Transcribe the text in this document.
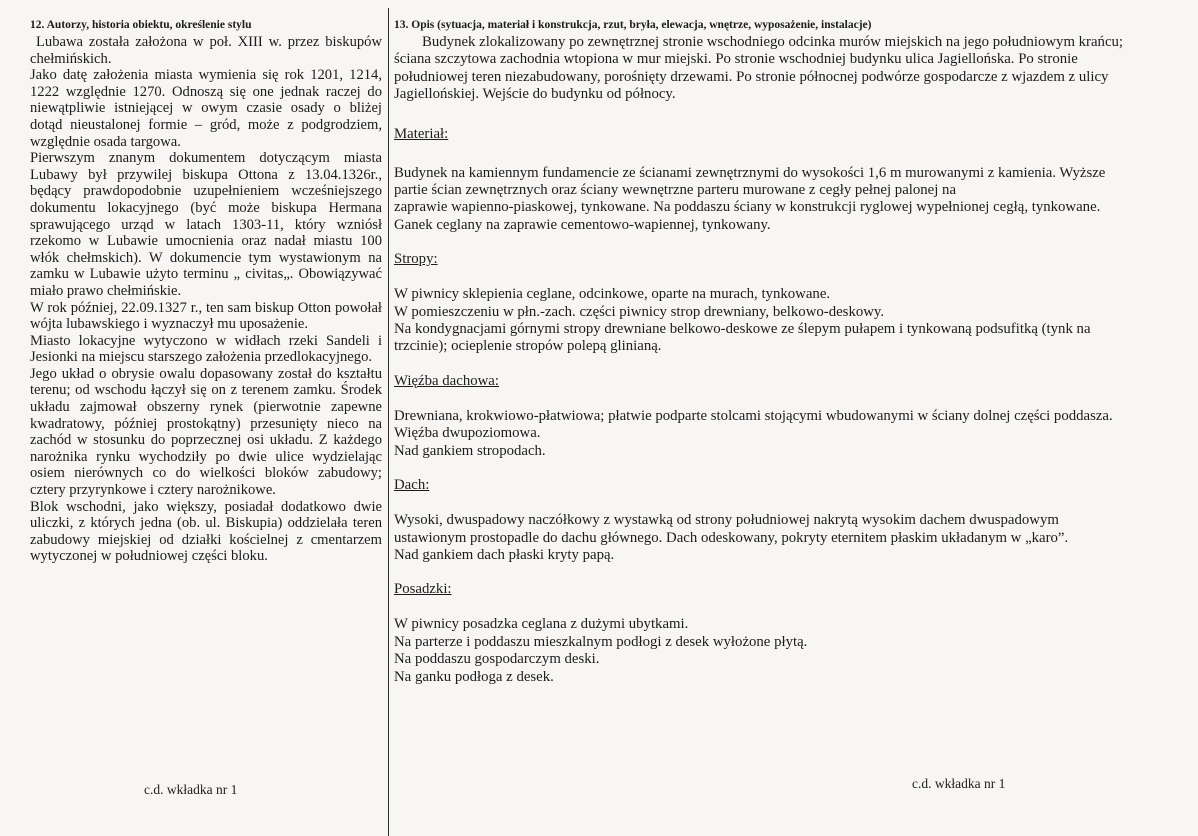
12. Autorzy, historia obiektu, określenie stylu

Lubawa została założona w poł. XIII w. przez biskupów chełmińskich.

Jako datę założenia miasta wymienia się rok 1201, 1214, 1222 względnie 1270. Odnoszą się one jednak raczej do niewątpliwie istniejącej w owym czasie osady o bliżej dotąd nieustalonej formie – gród, może z podgrodziem, względnie osada targowa.

Pierwszym znanym dokumentem dotyczącym miasta Lubawy był przywilej biskupa Ottona z 13.04.1326r., będący prawdopodobnie uzupełnieniem wcześniejszego dokumentu lokacyjnego (być może biskupa Hermana sprawującego urząd w latach 1303-11, który wzniósł rzekomo w Lubawie umocnienia oraz nadał miastu 100 włók chełmskich). W dokumencie tym wystawionym na zamku w Lubawie użyto terminu „ civitas„. Obowiązywać miało prawo chełmińskie.

W rok później, 22.09.1327 r., ten sam biskup Otton powołał wójta lubawskiego i wyznaczył mu uposażenie.

Miasto lokacyjne wytyczono w widłach rzeki Sandeli i Jesionki na miejscu starszego założenia przedlokacyjnego.

Jego układ o obrysie owalu dopasowany został do kształtu terenu; od wschodu łączył się on z terenem zamku. Środek układu zajmował obszerny rynek (pierwotnie zapewne kwadratowy, później prostokątny) przesunięty nieco na zachód w stosunku do poprzecznej osi układu. Z każdego narożnika rynku wychodziły po dwie ulice wydzielając osiem nierównych co do wielkości bloków zabudowy; cztery przyrynkowe i cztery narożnikowe.

Blok wschodni, jako większy, posiadał dodatkowo dwie uliczki, z których jedna (ob. ul. Biskupia) oddzielała teren zabudowy miejskiej od działki kościelnej z cmentarzem wytyczonej w południowej części bloku.

c.d. wkładka nr 1
13. Opis (sytuacja, materiał i konstrukcja, rzut, bryła, elewacja, wnętrze, wyposażenie, instalacje)

Budynek zlokalizowany po zewnętrznej stronie wschodniego odcinka murów miejskich na jego południowym krańcu; ściana szczytowa zachodnia wtopiona w mur miejski. Po stronie wschodniej budynku ulica Jagiellońska. Po stronie południowej teren niezabudowany, porośnięty drzewami. Po stronie północnej podwórze gospodarcze z wjazdem z ulicy Jagiellońskiej. Wejście do budynku od północy.

Materiał:

Budynek na kamiennym fundamencie ze ścianami zewnętrznymi do wysokości 1,6 m murowanymi z kamienia. Wyższe partie ścian zewnętrznych oraz ściany wewnętrzne parteru murowane z cegły pełnej palonej na

zaprawie wapienno-piaskowej, tynkowane. Na poddaszu ściany w konstrukcji ryglowej wypełnionej cegłą, tynkowane.

Ganek ceglany na zaprawie cementowo-wapiennej, tynkowany.

Stropy:

W piwnicy sklepienia ceglane, odcinkowe, oparte na murach, tynkowane.

W pomieszczeniu w płn.-zach. części piwnicy strop drewniany, belkowo-deskowy.

Na kondygnacjami górnymi stropy drewniane belkowo-deskowe ze ślepym pułapem i tynkowaną podsufitką (tynk na trzcinie); ocieplenie stropów polepą glinianą.

Więźba dachowa:

Drewniana, krokwiowo-płatwiowa; płatwie podparte stolcami stojącymi wbudowanymi w ściany dolnej części poddasza. Więźba dwupoziomowa.

Nad gankiem stropodach.

Dach:

Wysoki, dwuspadowy naczółkowy z wystawką od strony południowej nakrytą wysokim dachem dwuspadowym ustawionym prostopadle do dachu głównego. Dach odeskowany, pokryty eternitem płaskim układanym w „karo”.

Nad gankiem dach płaski kryty papą.

Posadzki:

W piwnicy posadzka ceglana z dużymi ubytkami.

Na parterze i poddaszu mieszkalnym podłogi z desek wyłożone płytą.

Na poddaszu gospodarczym deski.

Na ganku podłoga z desek.

c.d. wkładka nr 1
